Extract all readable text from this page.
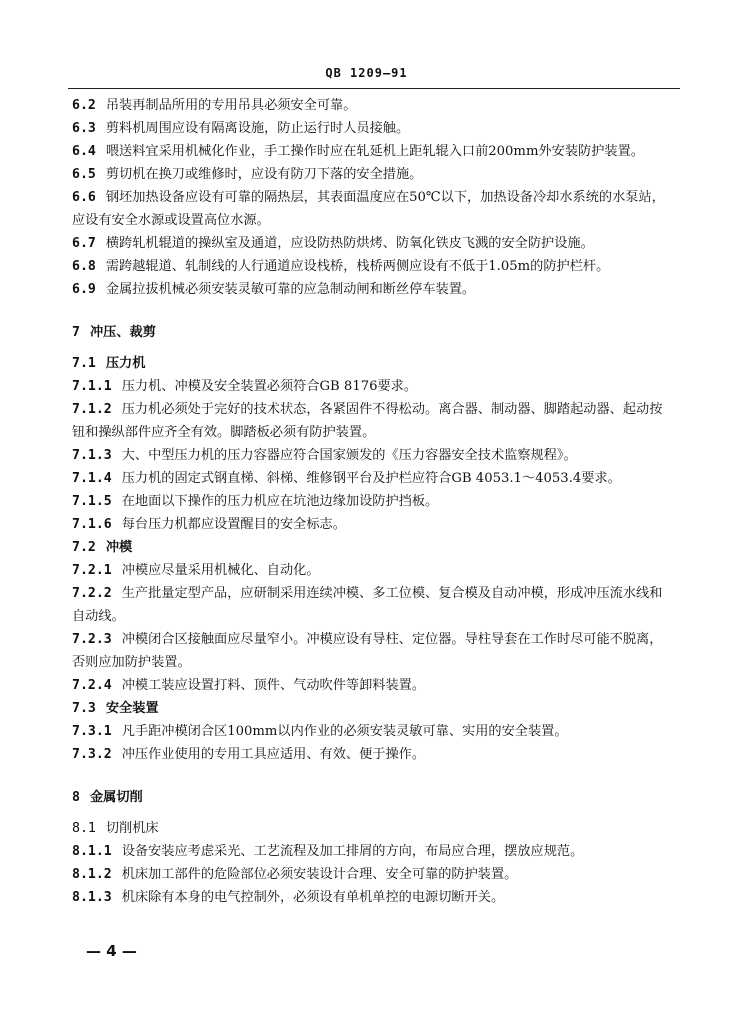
QB 1209—91

6.2 吊装再制品所用的专用吊具必须安全可靠。

6.3 剪料机周围应设有隔离设施，防止运行时人员接触。

6.4 喂送料宜采用机械化作业，手工操作时应在轧延机上距轧辊入口前200mm外安装防护装置。

6.5 剪切机在换刀或维修时，应设有防刀下落的安全措施。

6.6 钢坯加热设备应设有可靠的隔热层，其表面温度应在50℃以下，加热设备冷却水系统的水泵站，应设有安全水源或设置高位水源。

6.7 横跨轧机辊道的操纵室及通道，应设防热防烘烤、防氧化铁皮飞溅的安全防护设施。

6.8 需跨越辊道、轧制线的人行通道应设栈桥，栈桥两侧应设有不低于1.05m的防护栏杆。

6.9 金属拉拔机械必须安装灵敏可靠的应急制动闸和断丝停车装置。

7 冲压、裁剪
7.1 压力机

7.1.1 压力机、冲模及安全装置必须符合GB 8176要求。

7.1.2 压力机必须处于完好的技术状态，各紧固件不得松动。离合器、制动器、脚踏起动器、起动按钮和操纵部件应齐全有效。脚踏板必须有防护装置。

7.1.3 大、中型压力机的压力容器应符合国家颁发的《压力容器安全技术监察规程》。

7.1.4 压力机的固定式钢直梯、斜梯、维修钢平台及护栏应符合GB 4053.1～4053.4要求。

7.1.5 在地面以下操作的压力机应在坑池边缘加设防护挡板。

7.1.6 每台压力机都应设置醒目的安全标志。

7.2 冲模

7.2.1 冲模应尽量采用机械化、自动化。

7.2.2 生产批量定型产品，应研制采用连续冲模、多工位模、复合模及自动冲模，形成冲压流水线和自动线。

7.2.3 冲模闭合区接触面应尽量窄小。冲模应设有导柱、定位器。导柱导套在工作时尽可能不脱离，否则应加防护装置。

7.2.4 冲模工装应设置打料、顶件、气动吹件等卸料装置。

7.3 安全装置

7.3.1 凡手距冲模闭合区100mm以内作业的必须安装灵敏可靠、实用的安全装置。

7.3.2 冲压作业使用的专用工具应适用、有效、便于操作。

8 金属切削
8.1 切削机床

8.1.1 设备安装应考虑采光、工艺流程及加工排屑的方向，布局应合理，摆放应规范。

8.1.2 机床加工部件的危险部位必须安装设计合理、安全可靠的防护装置。

8.1.3 机床除有本身的电气控制外，必须设有单机单控的电源切断开关。

— 4 —
